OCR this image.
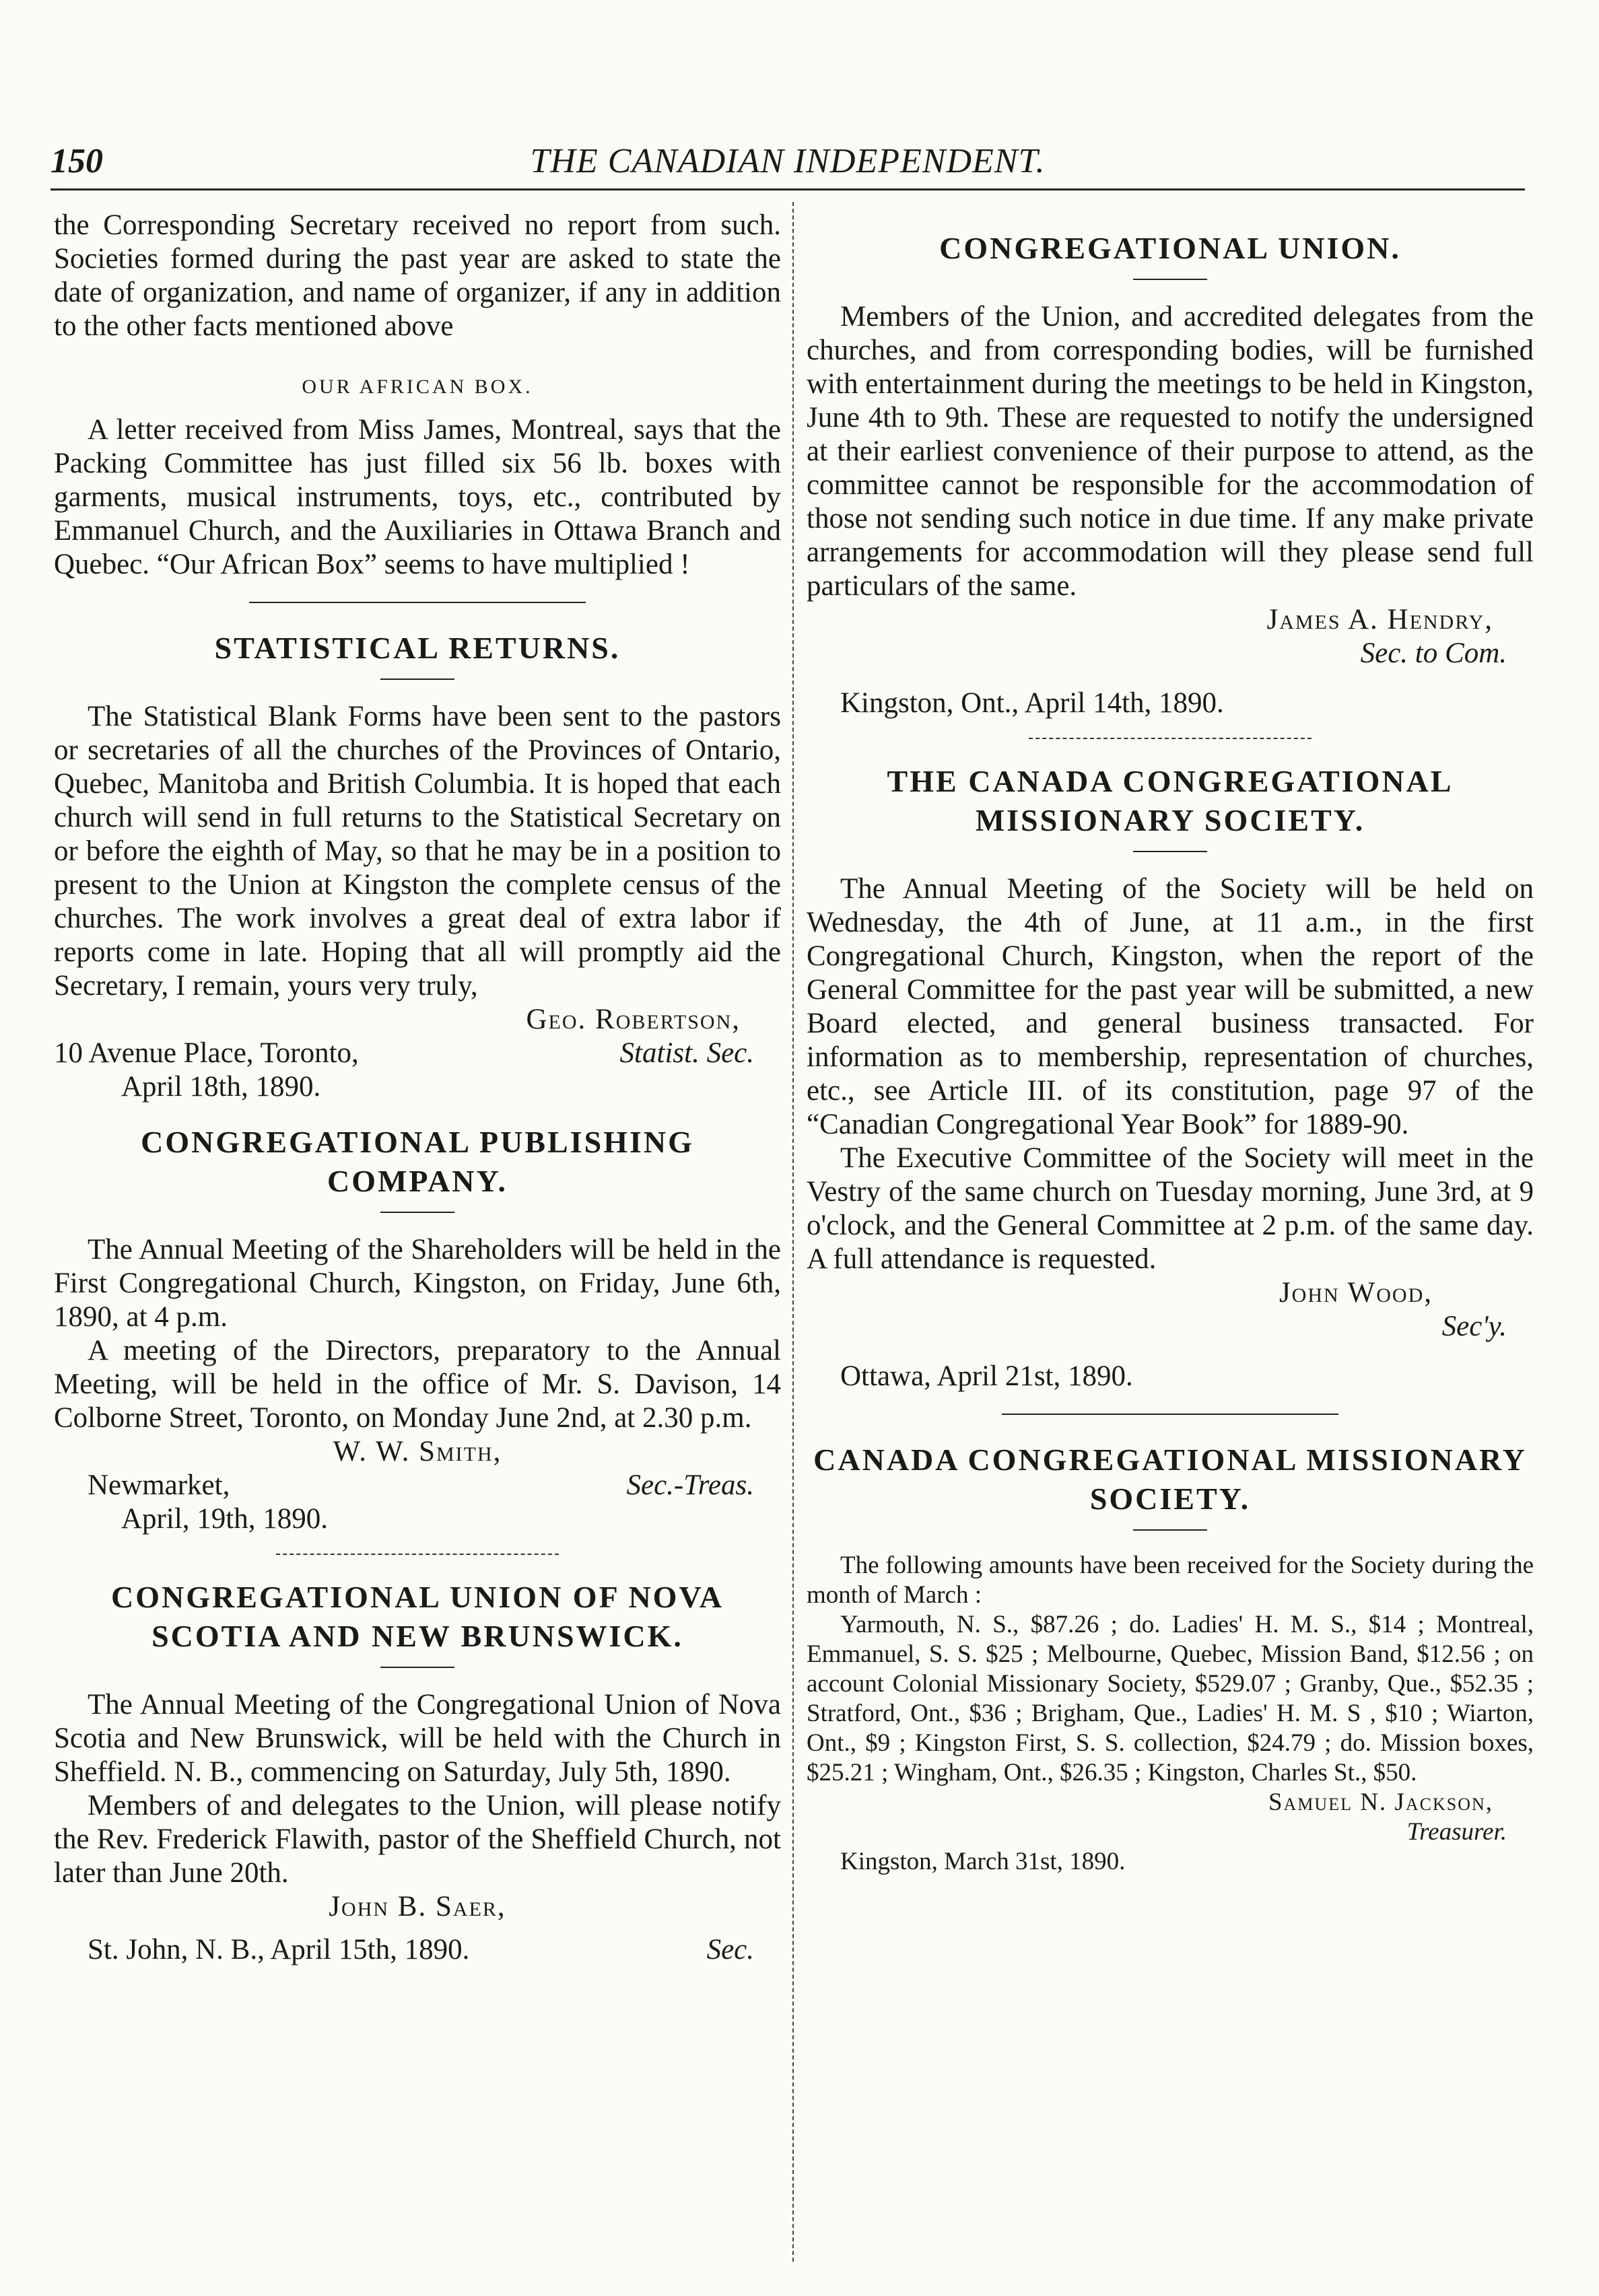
150	THE CANADIAN INDEPENDENT.

the Corresponding Secretary received no report from such. Societies formed during the past year are asked to state the date of organization, and name of organizer, if any in addition to the other facts mentioned above

OUR AFRICAN BOX.

A letter received from Miss James, Montreal, says that the Packing Committee has just filled six 56 lb. boxes with garments, musical instruments, toys, etc., contributed by Emmanuel Church, and the Auxiliaries in Ottawa Branch and Quebec. “Our African Box” seems to have multiplied !

STATISTICAL RETURNS.

The Statistical Blank Forms have been sent to the pastors or secretaries of all the churches of the Provinces of Ontario, Quebec, Manitoba and British Columbia. It is hoped that each church will send in full returns to the Statistical Secretary on or before the eighth of May, so that he may be in a position to present to the Union at Kingston the complete census of the churches. The work involves a great deal of extra labor if reports come in late. Hoping that all will promptly aid the Secretary, I remain, yours very truly,

Geo. Robertson,
10 Avenue Place, Toronto,	Statist. Sec.
April 18th, 1890.
CONGREGATIONAL PUBLISHING COMPANY.

The Annual Meeting of the Shareholders will be held in the First Congregational Church, Kingston, on Friday, June 6th, 1890, at 4 p.m.

A meeting of the Directors, preparatory to the Annual Meeting, will be held in the office of Mr. S. Davison, 14 Colborne Street, Toronto, on Monday June 2nd, at 2.30 p.m.

W. W. Smith,
Newmarket,	Sec.-Treas.
April, 19th, 1890.
CONGREGATIONAL UNION OF NOVA SCOTIA AND NEW BRUNSWICK.

The Annual Meeting of the Congregational Union of Nova Scotia and New Brunswick, will be held with the Church in Sheffield. N. B., commencing on Saturday, July 5th, 1890.

Members of and delegates to the Union, will please notify the Rev. Frederick Flawith, pastor of the Sheffield Church, not later than June 20th.

John B. Saer,
St. John, N. B., April 15th, 1890.	Sec.
CONGREGATIONAL UNION.

Members of the Union, and accredited delegates from the churches, and from corresponding bodies, will be furnished with entertainment during the meetings to be held in Kingston, June 4th to 9th. These are requested to notify the undersigned at their earliest convenience of their purpose to attend, as the committee cannot be responsible for the accommodation of those not sending such notice in due time. If any make private arrangements for accommodation will they please send full particulars of the same.

James A. Hendry,
Sec. to Com.
Kingston, Ont., April 14th, 1890.
THE CANADA CONGREGATIONAL MISSIONARY SOCIETY.

The Annual Meeting of the Society will be held on Wednesday, the 4th of June, at 11 a.m., in the first Congregational Church, Kingston, when the report of the General Committee for the past year will be submitted, a new Board elected, and general business transacted. For information as to membership, representation of churches, etc., see Article III. of its constitution, page 97 of the “Canadian Congregational Year Book” for 1889-90.

The Executive Committee of the Society will meet in the Vestry of the same church on Tuesday morning, June 3rd, at 9 o'clock, and the General Committee at 2 p.m. of the same day. A full attendance is requested.

John Wood,
Sec'y.
Ottawa, April 21st, 1890.
CANADA CONGREGATIONAL MISSIONARY SOCIETY.

The following amounts have been received for the Society during the month of March :

Yarmouth, N. S., $87.26 ; do. Ladies' H. M. S., $14 ; Montreal, Emmanuel, S. S. $25 ; Melbourne, Quebec, Mission Band, $12.56 ; on account Colonial Missionary Society, $529.07 ; Granby, Que., $52.35 ; Stratford, Ont., $36 ; Brigham, Que., Ladies' H. M. S , $10 ; Wiarton, Ont., $9 ; Kingston First, S. S. collection, $24.79 ; do. Mission boxes, $25.21 ; Wingham, Ont., $26.35 ; Kingston, Charles St., $50.

Samuel N. Jackson,
Treasurer.
Kingston, March 31st, 1890.
